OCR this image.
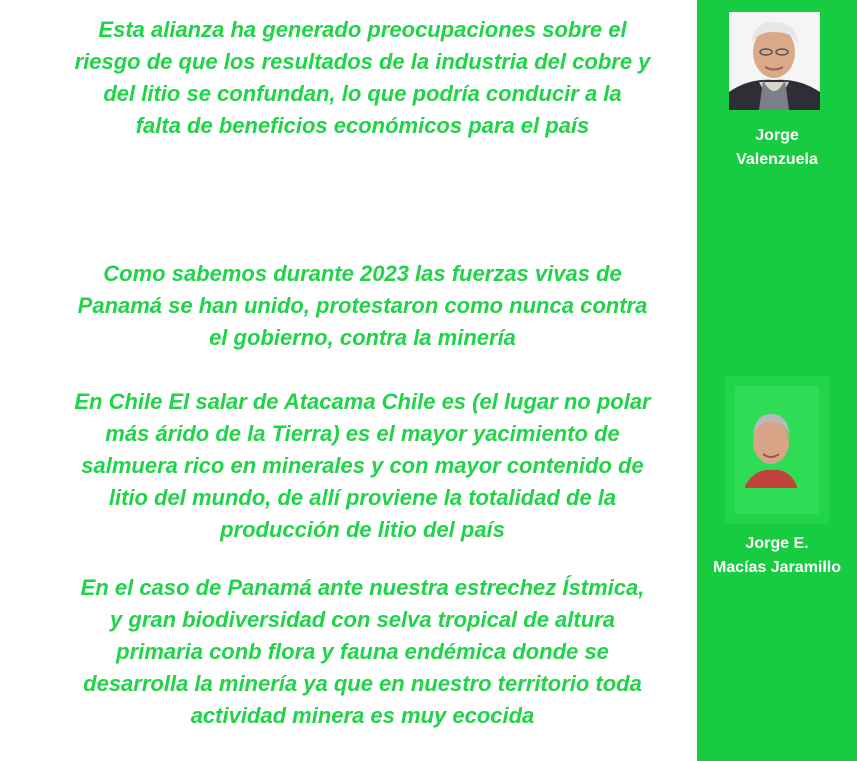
Esta alianza ha generado preocupaciones sobre el
riesgo de que los resultados de la industria del cobre y
del litio se confundan, lo que podría conducir a la
falta de beneficios económicos para el país
Como sabemos durante 2023 las fuerzas vivas de
Panamá se han unido, protestaron como nunca contra
el gobierno, contra la minería
En Chile El salar de Atacama Chile es (el lugar no polar
más árido de la Tierra) es el mayor yacimiento de
salmuera rico en minerales y con mayor contenido de
litio del mundo, de allí proviene la totalidad de la
producción de litio del país
En el caso de Panamá ante nuestra estrechez Ístmica,
y gran biodiversidad con selva tropical de altura
primaria conb flora y fauna endémica donde se
desarrolla la minería ya que en nuestro territorio toda
actividad minera es muy ecocida
Jorge
Valenzuela
Jorge E.
Macías Jaramillo
